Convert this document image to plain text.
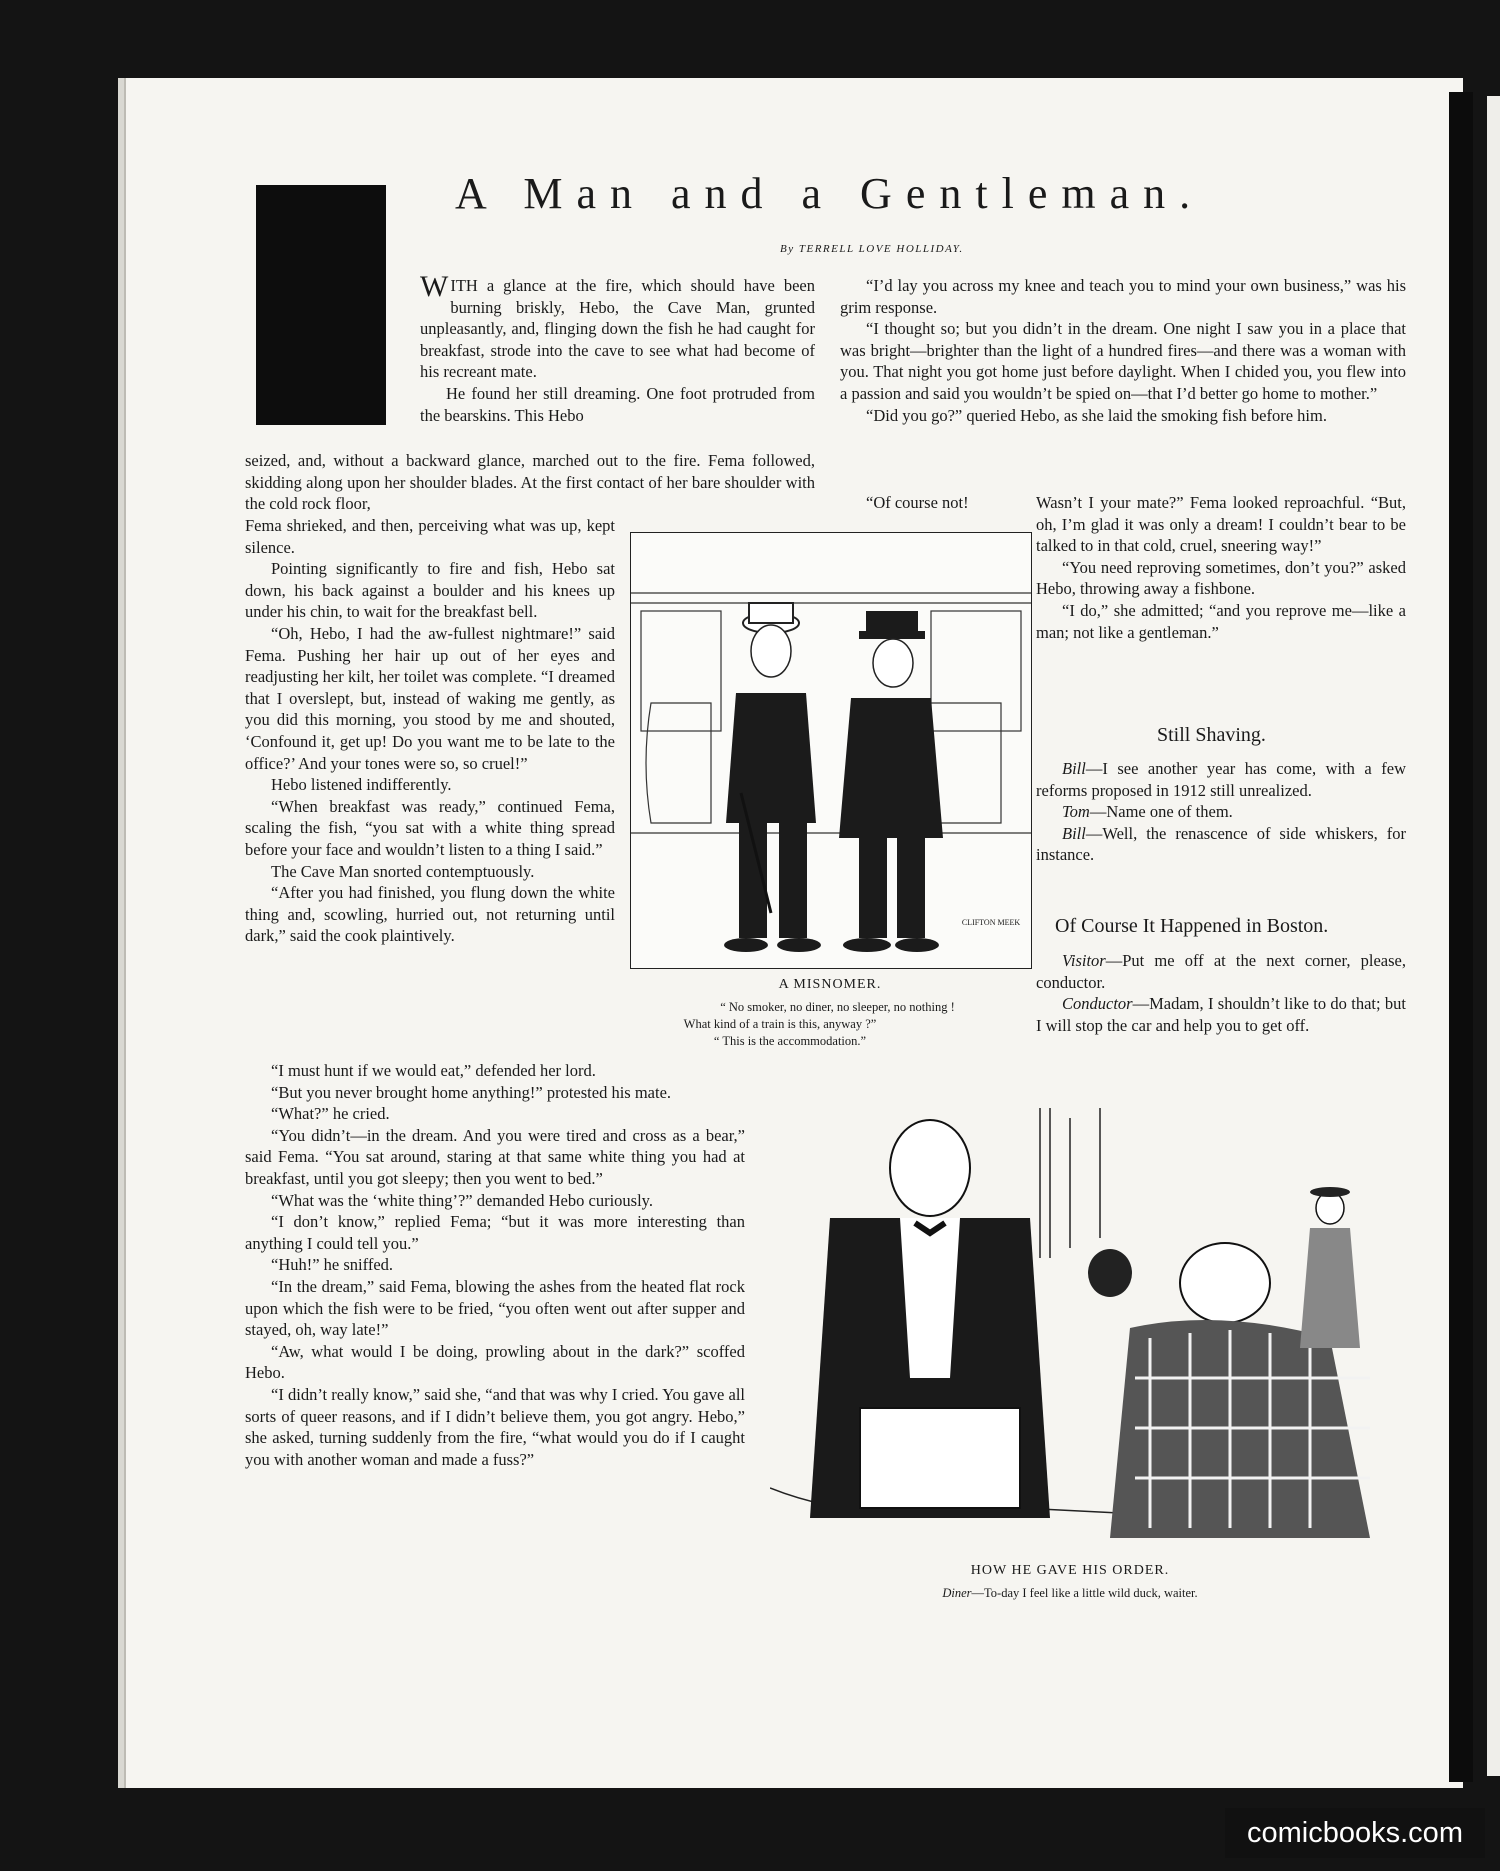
A Man and a Gentleman.
By TERRELL LOVE HOLLIDAY.

WITH a glance at the fire, which should have been burning briskly, Hebo, the Cave Man, grunted unpleasantly, and, flinging down the fish he had caught for breakfast, strode into the cave to see what had become of his recreant mate.

He found her still dreaming. One foot protruded from the bearskins. This Hebo

seized, and, without a backward glance, marched out to the fire. Fema followed, skidding along upon her shoulder blades. At the first contact of her bare shoulder with the cold rock floor,

Fema shrieked, and then, perceiving what was up, kept silence.

Pointing significantly to fire and fish, Hebo sat down, his back against a boulder and his knees up under his chin, to wait for the breakfast bell.

“Oh, Hebo, I had the aw-fullest nightmare!” said Fema. Pushing her hair up out of her eyes and readjusting her kilt, her toilet was complete. “I dreamed that I overslept, but, instead of waking me gently, as you did this morning, you stood by me and shouted, ‘Confound it, get up! Do you want me to be late to the office?’ And your tones were so, so cruel!”

Hebo listened indifferently.

“When breakfast was ready,” continued Fema, scaling the fish, “you sat with a white thing spread before your face and wouldn’t listen to a thing I said.”

The Cave Man snorted contemptuously.

“After you had finished, you flung down the white thing and, scowling, hurried out, not returning until dark,” said the cook plaintively.

“I must hunt if we would eat,” defended her lord.

“But you never brought home anything!” protested his mate.

“What?” he cried.

“You didn’t—in the dream. And you were tired and cross as a bear,” said Fema. “You sat around, staring at that same white thing you had at breakfast, until you got sleepy; then you went to bed.”

“What was the ‘white thing’?” demanded Hebo curiously.

“I don’t know,” replied Fema; “but it was more interesting than anything I could tell you.”

“Huh!” he sniffed.

“In the dream,” said Fema, blowing the ashes from the heated flat rock upon which the fish were to be fried, “you often went out after supper and stayed, oh, way late!”

“Aw, what would I be doing, prowling about in the dark?” scoffed Hebo.

“I didn’t really know,” said she, “and that was why I cried. You gave all sorts of queer reasons, and if I didn’t believe them, you got angry. Hebo,” she asked, turning suddenly from the fire, “what would you do if I caught you with another woman and made a fuss?”

“I’d lay you across my knee and teach you to mind your own business,” was his grim response.

“I thought so; but you didn’t in the dream. One night I saw you in a place that was bright—brighter than the light of a hundred fires—and there was a woman with you. That night you got home just before daylight. When I chided you, you flew into a passion and said you wouldn’t be spied on—that I’d better go home to mother.”

“Did you go?” queried Hebo, as she laid the smoking fish before him.

“Of course not!	Wasn’t I your mate?” Fema looked reproachful. “But, oh, I’m glad it was only a dream! I couldn’t bear to be talked to in that cold, cruel, sneering way!”

“You need reproving sometimes, don’t you?” asked Hebo, throwing away a fishbone.

“I do,” she admitted; “and you reprove me—like a man; not like a gentleman.”

Still Shaving.

Bill—I see another year has come, with a few reforms proposed in 1912 still unrealized.

Tom—Name one of them.

Bill—Well, the renascence of side whiskers, for instance.

Of Course It Happened in Boston.

Visitor—Put me off at the next corner, please, conductor.

Conductor—Madam, I shouldn’t like to do that; but I will stop the car and help you to get off.

CLIFTON MEEK
A MISNOMER.
“ No smoker, no diner, no sleeper, no nothing !
What kind of a train is this, anyway ?”
“ This is the accommodation.”
HOW HE GAVE HIS ORDER.
Diner—To-day I feel like a little wild duck, waiter.
comicbooks.com
